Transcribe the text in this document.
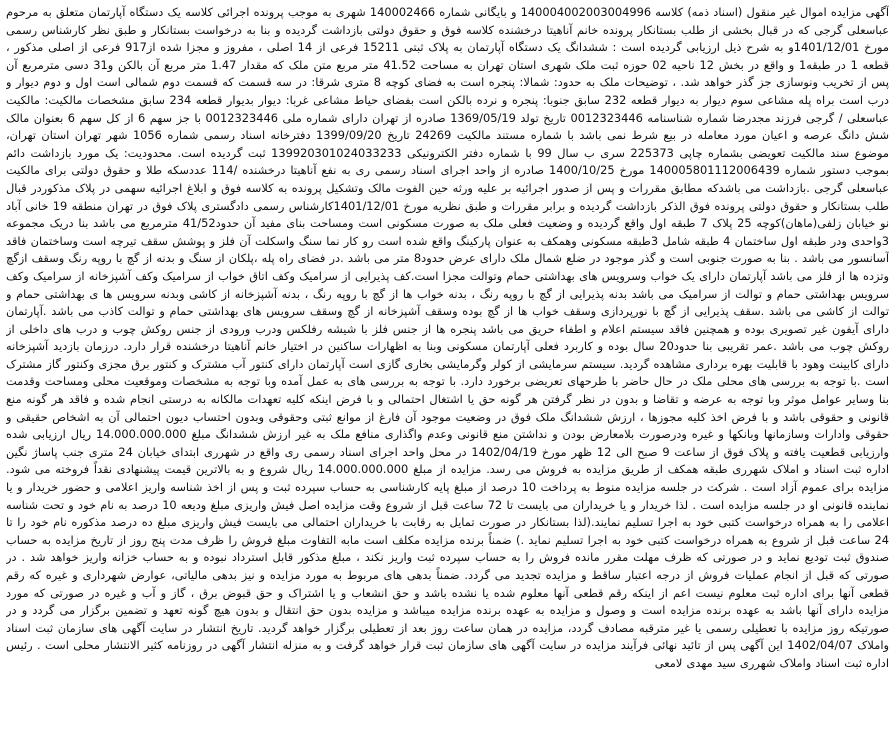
آگهی مزایده اموال غیر منقول (اسناد ذمه) کلاسه 140004002003004996 و بایگانی شماره 140002466 شهری به موجب پرونده اجرائی کلاسه یک دستگاه آپارتمان متعلق به مرحوم عباسعلی گرجی که در قبال بخشی از طلب بستانکار پرونده خانم آناهیتا درخشنده کلاسه فوق و حقوق دولتی بازداشت گردیده و بنا به درخواست بستانکار و طبق نظر کارشناس رسمی مورخ 1401/12/01و به شرح ذیل ارزیابی گردیده است : ششدانگ یک دستگاه آپارتمان به پلاک ثبتی 15211 فرعی از 14 اصلی ، مفروز و مجزا شده از917 فرعی از اصلی مذکور ، قطعه 1 در طبقه1 و واقع در بخش 12 ناحیه 02 حوزه ثبت ملک شهری استان تهران به مساحت 41.52 متر مربع متن ملک که مقدار 1.47 متر مربع آن بالکن و31 دسی مترمربع آن پس از تخریب ونوسازی جز گذر خواهد شد. ، توضیحات ملک به حدود: شمالا: پنجره است به فضای کوچه 8 متری شرقا: در سه قسمت که قسمت دوم شمالی است اول و دوم دیوار و درب است براه پله مشاعی سوم دیوار به دیوار قطعه 232 سابق جنوبا: پنجره و نرده بالکن است بفضای حیاط مشاعی غربا: دیوار بدیوار قطعه 234 سابق مشخصات مالکیت: مالکیت عباسعلی / گرجی فرزند مجدرضا شماره شناسنامه 0012323446 تاریخ تولد 1369/05/19 صادره از تهران دارای شماره ملی 0012323446 با جز سهم 6 از کل سهم 6 بعنوان مالک شش دانگ عرصه و اعیان مورد معامله در بیع شرط نمی باشد با شماره مستند مالکیت 24269 تاریخ 1399/09/20 دفترخانه اسناد رسمی شماره 1056 شهر تهران استان تهران، موضوع سند مالکیت تعویضی بشماره چاپی 225373 سری ب سال 99 با شماره دفتر الکترونیکی 139920301024033233 ثبت گردیده است. محدودیت: یک مورد بازداشت دائم بموجب دستور شماره 140005801112006439 مورخ 1400/10/25 صادره از واحد اجرای اسناد رسمی ری به نفع آناهیتا درخشنده /114 عددسکه طلا و حقوق دولتی برای مالکیت عباسعلی گرجی .بازداشت می باشدکه مطابق مقررات و پس از صدور اجرائیه بر علیه ورثه حین الفوت مالک وتشکیل پرونده به کلاسه فوق و ابلاغ اجرائیه سهمی در پلاک مذکوردر قبال طلب بستانکار و حقوق دولتی پرونده فوق الذکر بازداشت گردیده و برابر مقررات و طبق نظریه مورخ 1401/12/01کارشناس رسمی دادگستری پلاک فوق در تهران منطقه 19 خانی آباد نو خیابان زلفی(ماهان)کوچه 25 پلاک 7 طبقه اول واقع گردیده و وضعیت فعلی ملک به صورت مسکونی است ومساحت بنای مفید آن حدود41/52 مترمربع می باشد بنا دریک مجموعه 3واحدی ودر طبقه اول ساختمان 4 طبقه شامل 3طبقه مسکونی وهمکف به عنوان پارکینگ واقع شده است رو کار نما سنگ واسکلت آن فلز و پوشش سقف تیرچه است وساختمان فاقد آسانسور می باشد . بنا به صورت جنوبی است و گذر موجود در ضلع شمال ملک دارای عرض حدود8 متر می باشد .در فضای راه پله ،پلکان از سنگ و بدنه از گچ با روپه رنگ وسقف ازگچ وتزده ها از فلز می باشد آپارتمان دارای یک خواب وسرویس های بهداشتی حمام وتوالت مجزا است.کف پذیرایی از سرامیک وکف اتاق خواب از سرامیک وکف آشپزخانه از سرامیک وکف سرویس بهداشتی حمام و توالت از سرامیک می باشد بدنه پذیرایی از گچ با روپه رنگ ، بدنه خواب ها از گچ با روپه رنگ ، بدنه آشپزخانه از کاشی وبدنه سرویس ها ی بهداشتی حمام و توالت از کاشی می باشد .سقف پذیرایی از گچ با نورپردازی وسقف خواب ها از گچ بوده وسقف آشپزخانه از گچ وسقف سرویس های بهداشتی حمام و توالت کاذب می باشد .آپارتمان دارای آیفون غیر تصویری بوده و همچنین فاقد سیستم اعلام و اطفاء حریق می باشد پنجره ها از جنس فلز با شیشه رفلکس ودرب ورودی از جنس روکش چوب و درب های داخلی از روکش چوب می باشد .عمر تقریبی بنا حدود20 سال بوده و کاربرد فعلی آپارتمان مسکونی وبنا به اظهارات ساکنین در اختیار خانم آناهیتا درخشنده قرار دارد. درزمان بازدید آشپزخانه دارای کابینت وهود با قابلیت بهره برداری مشاهده گردید. سیستم سرمایشی از کولر وگرمایشی بخاری گازی است آپارتمان دارای کنتور آب مشترک و کنتور برق مجزی وکنتور گاز مشترک است .با توجه به بررسی های محلی ملک در حال حاضر با طرحهای تعریضی برخورد دارد. با توجه به بررسی های به عمل آمده وبا توجه به مشخصات وموقعیت محلی ومساحت وقدمت بنا وسایر عوامل موثر وبا توجه به عرضه و تقاضا و بدون در نظر گرفتن هر گونه حق یا اشتغال احتمالی و با فرض اینکه کلیه تعهدات مالکانه به درستی انجام شده و فاقد هر گونه منع قانونی و حقوقی باشد و با فرض اخذ کلیه مجوزها ، ارزش ششدانگ ملک فوق در وضعیت موجود آن فارغ از موانع ثبتی وحقوقی وبدون احتساب دیون احتمالی آن به اشخاص حقیقی و حقوقی وادارات وسازمانها وبانکها و غیره ودرصورت بلامعارض بودن و نداشتن منع قانونی وعدم واگذاری منافع ملک به غیر ارزش ششدانگ مبلغ 14.000.000.000 ریال ارزیابی شده وارزیابی قطعیت یافته و پلاک فوق از ساعت 9 صبح الی 12 ظهر مورخ 1402/04/19 در محل واحد اجرای اسناد رسمی ری واقع در شهرری ابتدای خیابان 24 متری جنب پاساژ نگین اداره ثبت اسناد و املاک شهرری طبقه همکف از طریق مزایده به فروش می رسد. مزایده از مبلغ 14.000.000.000 ریال شروع و به بالاترین قیمت پیشنهادی نقداً فروخته می شود. مزایده برای عموم آزاد است . شرکت در جلسه مزایده منوط به پرداخت 10 درصد از مبلغ پایه کارشناسی به حساب سپرده ثبت و پس از اخذ شناسه واریز اعلامی و حضور خریدار و یا نماینده قانونی او در جلسه مزایده است . لذا خریدار و یا خریداران می بایست تا 72 ساعت قبل از شروع وقت مزایده اصل فیش واریزی مبلغ ودیعه 10 درصد به نام خود و تحت شناسه اعلامی را به همراه درخواست کتبی خود به اجرا تسلیم نمایند.(لذا بستانکار در صورت تمایل به رقابت با خریداران احتمالی می بایست فیش واریزی مبلغ ده درصد مذکوره نام خود را تا 24 ساعت قبل از شروع به همراه درخواست کتبی خود به اجرا تسلیم نماید .) ضمناً برنده مزایده مکلف است مابه التفاوت مبلغ فروش را ظرف مدت پنج روز از تاریخ مزایده به حساب صندوق ثبت تودیع نماید و در صورتی که ظرف مهلت مقرر مانده فروش را به حساب سپرده ثبت واریز نکند ، مبلغ مذکور قابل استرداد نبوده و به حساب خزانه واریز خواهد شد . در صورتی که قبل از انجام عملیات فروش از درجه اعتبار ساقط و مزایده تجدید می گردد. ضمناً بدهی های مربوط به مورد مزایده و نیز بدهی مالیاتی، عوارض شهرداری و غیره که رقم قطعی آنها برای اداره ثبت معلوم نیست اعم از اینکه رقم قطعی آنها معلوم شده یا نشده باشد و حق انشعاب و یا اشتراک و حق قبوض برق ، گاز و آب و غیره در صورتی که مورد مزایده دارای آنها باشد به عهده برنده مزایده است و وصول و مزایده به عهده برنده مزایده میباشد و مزایده بدون حق انتقال و بدون هیچ گونه تعهد و تضمین برگزار می گردد و در صورتیکه روز مزایده با تعطیلی رسمی یا غیر مترقبه مصادف گردد، مزایده در همان ساعت روز بعد از تعطیلی برگزار خواهد گردید. تاریخ انتشار در سایت آگهی های سازمان ثبت اسناد واملاک 1402/04/07 این آگهی پس از تائید نهائی فرآیند مزایده در سایت آگهی های سازمان ثبت قرار خواهد گرفت و به منزله انتشار آگهی در روزنامه کثیر الانتشار محلی است . رئیس اداره ثبت اسناد واملاک شهرری سید مهدی لامعی
